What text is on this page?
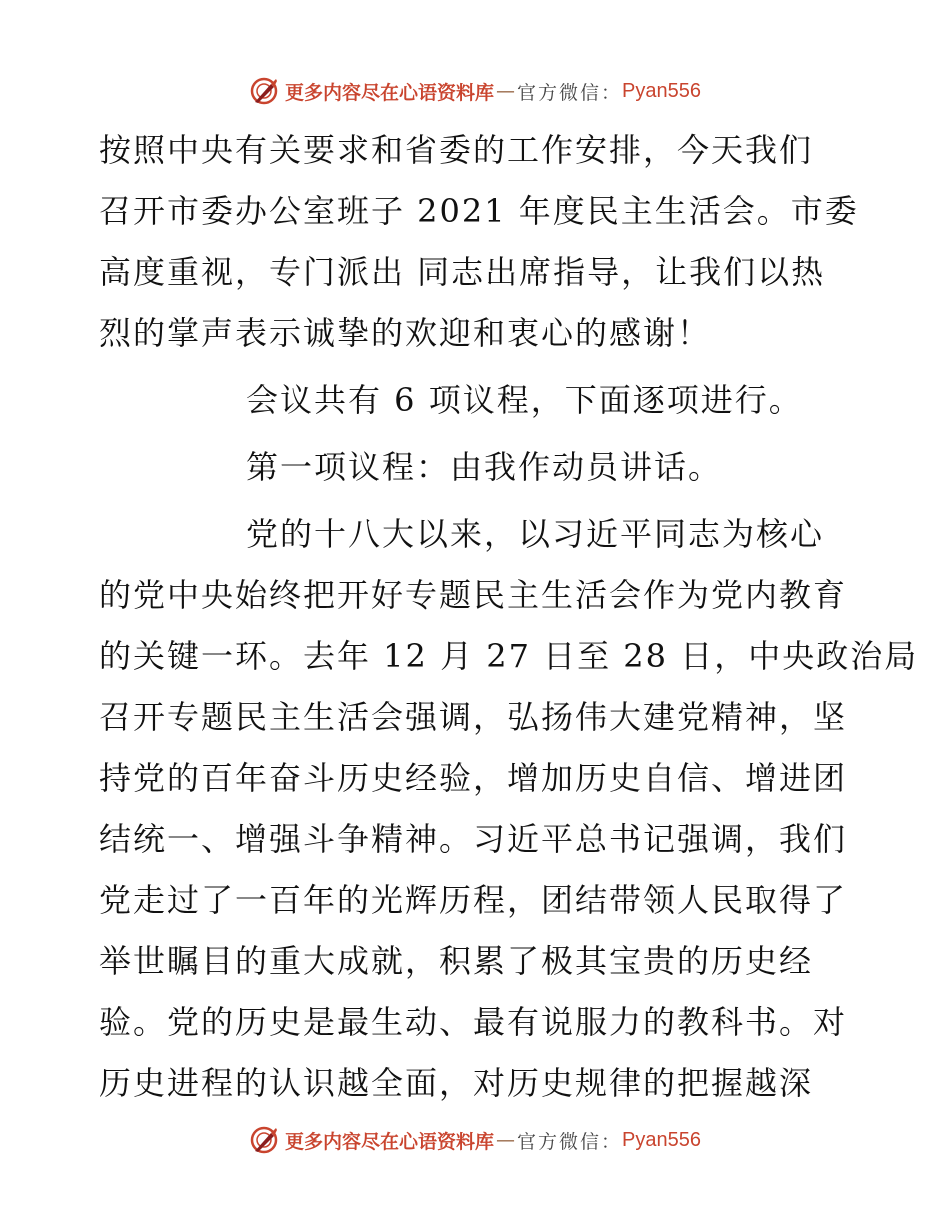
更多内容尽在心语资料库 — 官方微信： Pyan556
按照中央有关要求和省委的工作安排，今天我们
召开市委办公室班子 2021 年度民主生活会。市委
高度重视，专门派出 同志出席指导，让我们以热
烈的掌声表示诚挚的欢迎和衷心的感谢！
会议共有 6 项议程，下面逐项进行。
第一项议程：由我作动员讲话。
党的十八大以来，以习近平同志为核心
的党中央始终把开好专题民主生活会作为党内教育
的关键一环。去年 12 月 27 日至 28 日，中央政治局
召开专题民主生活会强调，弘扬伟大建党精神，坚
持党的百年奋斗历史经验，增加历史自信、增进团
结统一、增强斗争精神。习近平总书记强调，我们
党走过了一百年的光辉历程，团结带领人民取得了
举世瞩目的重大成就，积累了极其宝贵的历史经
验。党的历史是最生动、最有说服力的教科书。对
历史进程的认识越全面，对历史规律的把握越深
更多内容尽在心语资料库 — 官方微信： Pyan556
